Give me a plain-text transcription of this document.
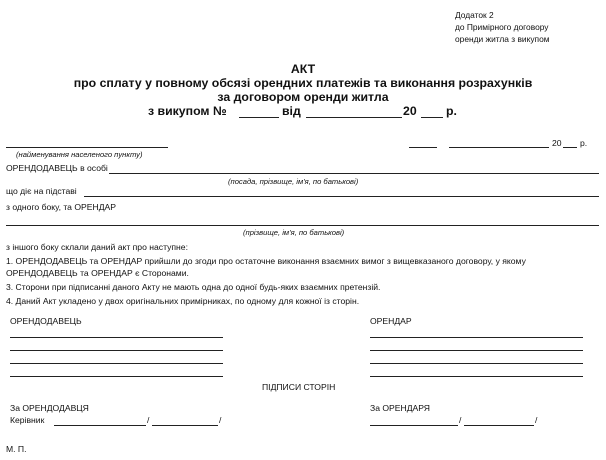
Додаток 2
до Примірного договору
оренди житла з викупом
АКТ
про сплату у повному обсязі орендних платежів та виконання розрахунків
за договором оренди житла
з викупом №	від	20 р.
(найменування населеного пункту)
20 р.
ОРЕНДОДАВЕЦЬ в особі
(посада, прізвище, ім'я, по батькові)
що діє на підставі
з одного боку, та ОРЕНДАР
(прізвище, ім'я, по батькові)
з іншого боку склали даний акт про наступне:
1. ОРЕНДОДАВЕЦЬ та ОРЕНДАР прийшли до згоди про остаточне виконання взаємних вимог з вищевказаного договору, у якому
ОРЕНДОДАВЕЦЬ та ОРЕНДАР є Сторонами.
3. Сторони при підписанні даного Акту не мають одна до одної будь-яких взаємних претензій.
4. Даний Акт укладено у двох оригінальних примірниках, по одному для кожної із сторін.
ОРЕНДОДАВЕЦЬ	ОРЕНДАР
ПІДПИСИ СТОРІН
За ОРЕНДОДАВЦЯ
Керівник	/	/
За ОРЕНДАРЯ
/	/
М. П.
